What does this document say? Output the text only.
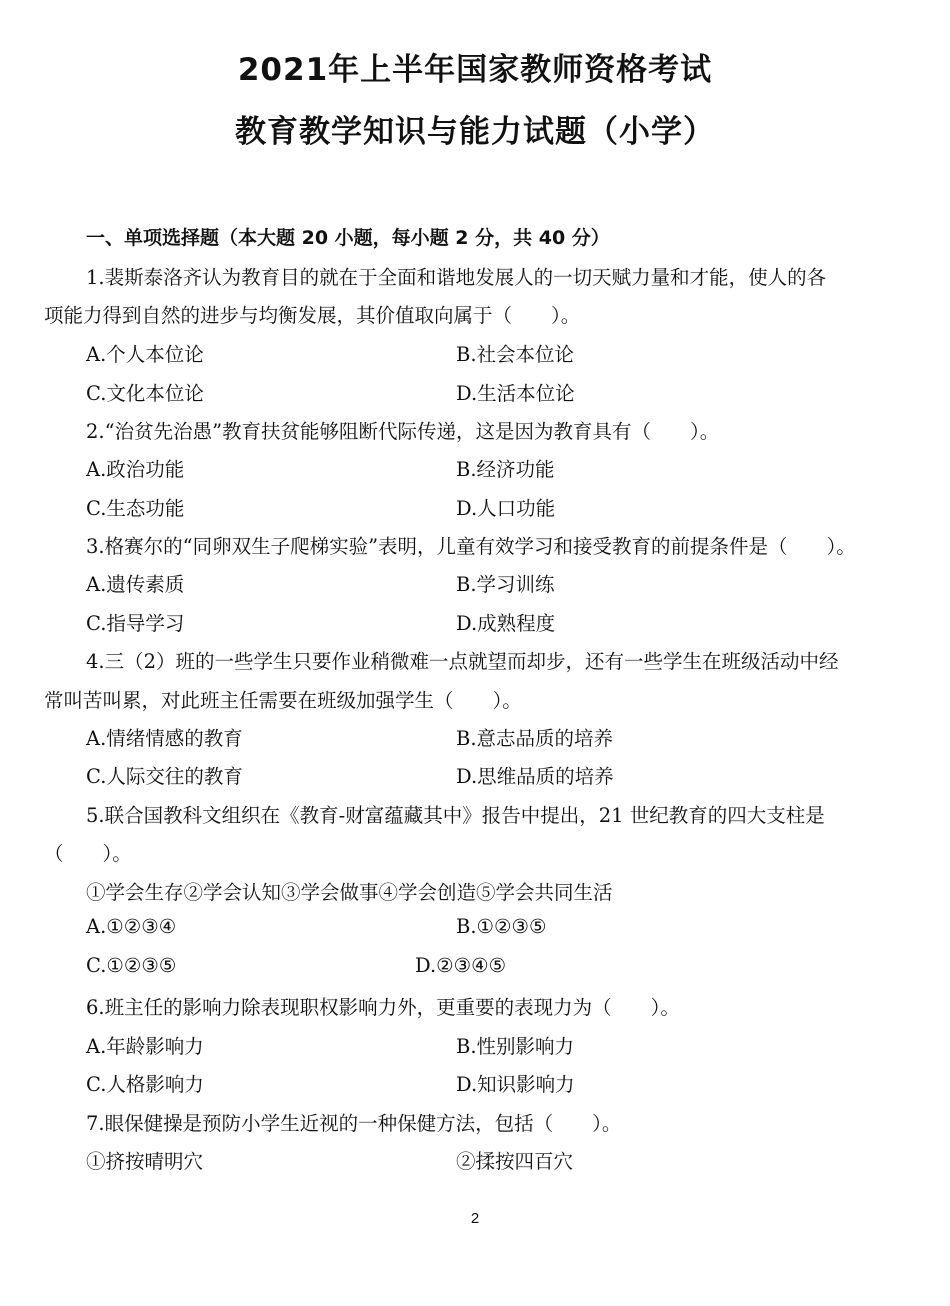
2021年上半年国家教师资格考试
教育教学知识与能力试题（小学）
一、单项选择题（本大题 20 小题，每小题 2 分，共 40 分）
1.裴斯泰洛齐认为教育目的就在于全面和谐地发展人的一切天赋力量和才能，使人的各
项能力得到自然的进步与均衡发展，其价值取向属于（　　）。
A.个人本位论	B.社会本位论
C.文化本位论	D.生活本位论
2.“治贫先治愚”教育扶贫能够阻断代际传递，这是因为教育具有（　　）。
A.政治功能	B.经济功能
C.生态功能	D.人口功能
3.格赛尔的“同卵双生子爬梯实验”表明，儿童有效学习和接受教育的前提条件是（　　）。
A.遗传素质	B.学习训练
C.指导学习	D.成熟程度
4.三（2）班的一些学生只要作业稍微难一点就望而却步，还有一些学生在班级活动中经
常叫苦叫累，对此班主任需要在班级加强学生（　　）。
A.情绪情感的教育	B.意志品质的培养
C.人际交往的教育	D.思维品质的培养
5.联合国教科文组织在《教育-财富蕴藏其中》报告中提出，21 世纪教育的四大支柱是
（　　）。
①学会生存②学会认知③学会做事④学会创造⑤学会共同生活
A.①②③④	B.①②③⑤
C.①②③⑤	D.②③④⑤
6.班主任的影响力除表现职权影响力外，更重要的表现力为（　　）。
A.年龄影响力	B.性别影响力
C.人格影响力	D.知识影响力
7.眼保健操是预防小学生近视的一种保健方法，包括（　　）。
①挤按晴明穴	②揉按四百穴
2
